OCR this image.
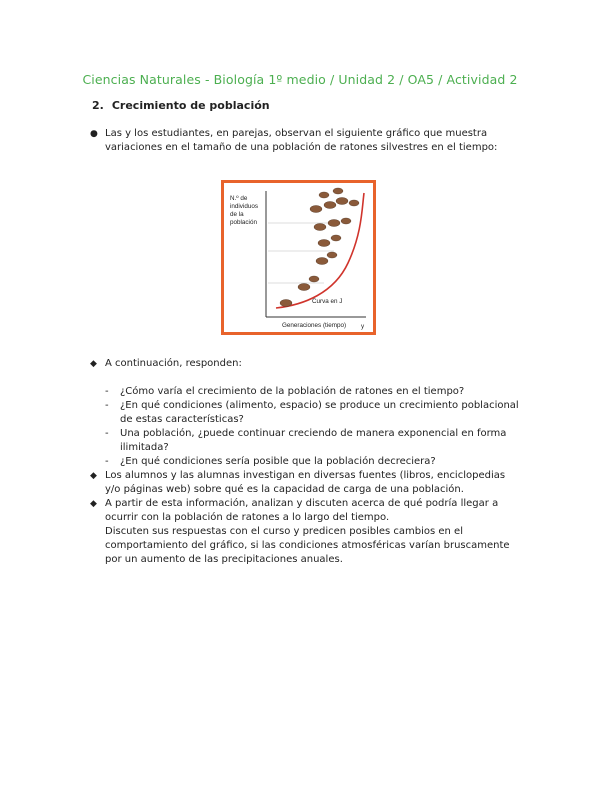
Ciencias Naturales - Biología 1º medio / Unidad 2 / OA5 / Actividad 2
2. Crecimiento de población
● Las y los estudiantes, en parejas, observan el siguiente gráfico que muestra
variaciones en el tamaño de una población de ratones silvestres en el tiempo:
N.º de
individuos
de la
población
Curva en J
Generaciones (tiempo) y
◆ A continuación, responden:
- ¿Cómo varía el crecimiento de la población de ratones en el tiempo?
- ¿En qué condiciones (alimento, espacio) se produce un crecimiento poblacional
de estas características?
- Una población, ¿puede continuar creciendo de manera exponencial en forma
ilimitada?
- ¿En qué condiciones sería posible que la población decreciera?
◆ Los alumnos y las alumnas investigan en diversas fuentes (libros, enciclopedias
y/o páginas web) sobre qué es la capacidad de carga de una población.
◆ A partir de esta información, analizan y discuten acerca de qué podría llegar a
ocurrir con la población de ratones a lo largo del tiempo.
Discuten sus respuestas con el curso y predicen posibles cambios en el
comportamiento del gráfico, si las condiciones atmosféricas varían bruscamente
por un aumento de las precipitaciones anuales.
